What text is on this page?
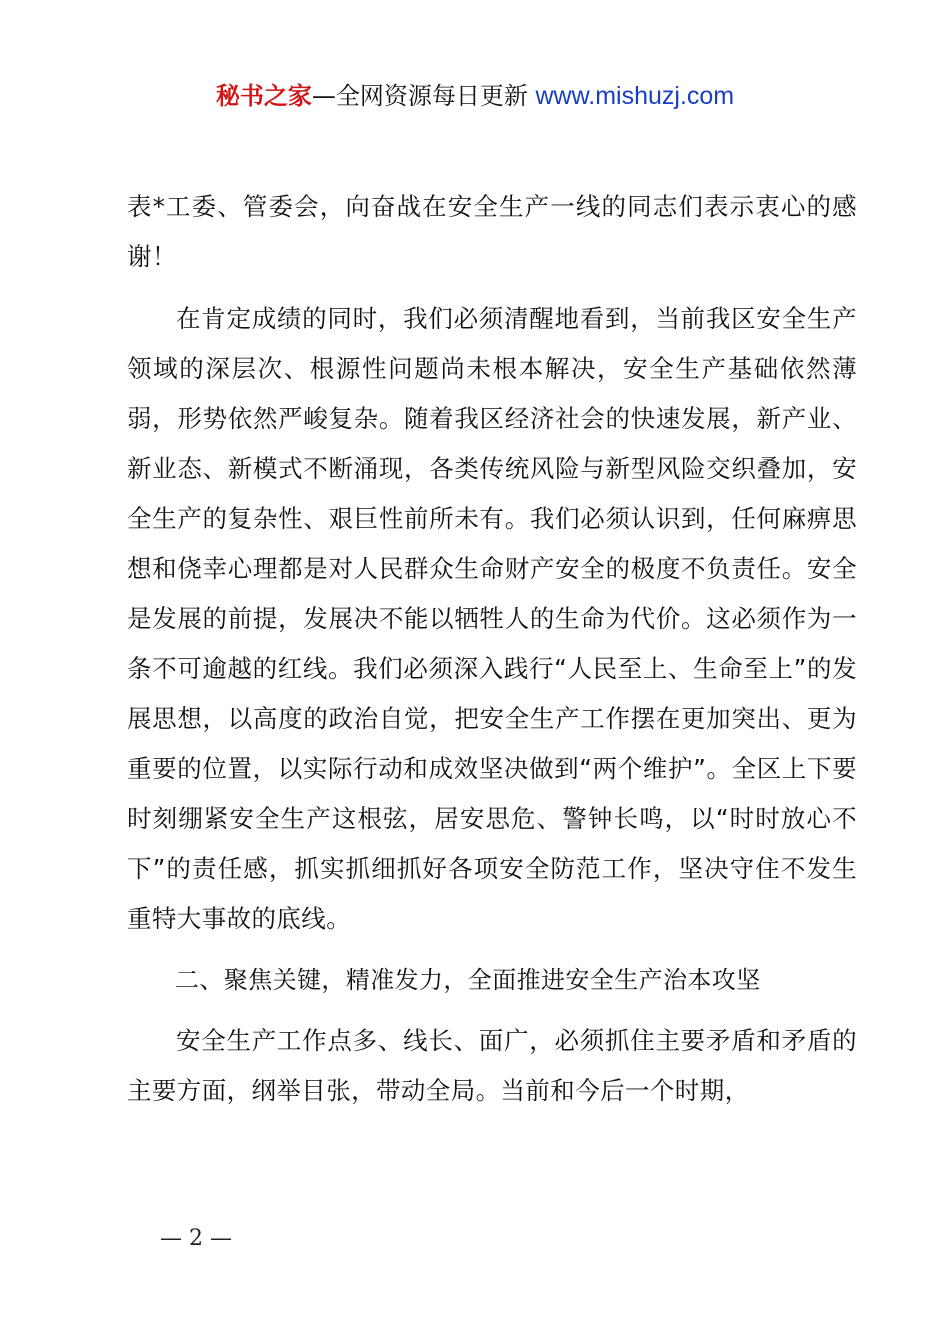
秘书之家—全网资源每日更新 www.mishuzj.com

表*工委、管委会，向奋战在安全生产一线的同志们表示衷心的感谢！

在肯定成绩的同时，我们必须清醒地看到，当前我区安全生产领域的深层次、根源性问题尚未根本解决，安全生产基础依然薄弱，形势依然严峻复杂。随着我区经济社会的快速发展，新产业、新业态、新模式不断涌现，各类传统风险与新型风险交织叠加，安全生产的复杂性、艰巨性前所未有。我们必须认识到，任何麻痹思想和侥幸心理都是对人民群众生命财产安全的极度不负责任。安全是发展的前提，发展决不能以牺牲人的生命为代价。这必须作为一条不可逾越的红线。我们必须深入践行“人民至上、生命至上”的发展思想，以高度的政治自觉，把安全生产工作摆在更加突出、更为重要的位置，以实际行动和成效坚决做到“两个维护”。全区上下要时刻绷紧安全生产这根弦，居安思危、警钟长鸣，以“时时放心不下”的责任感，抓实抓细抓好各项安全防范工作，坚决守住不发生重特大事故的底线。

二、聚焦关键，精准发力，全面推进安全生产治本攻坚

安全生产工作点多、线长、面广，必须抓住主要矛盾和矛盾的主要方面，纲举目张，带动全局。当前和今后一个时期，

— 2 —
